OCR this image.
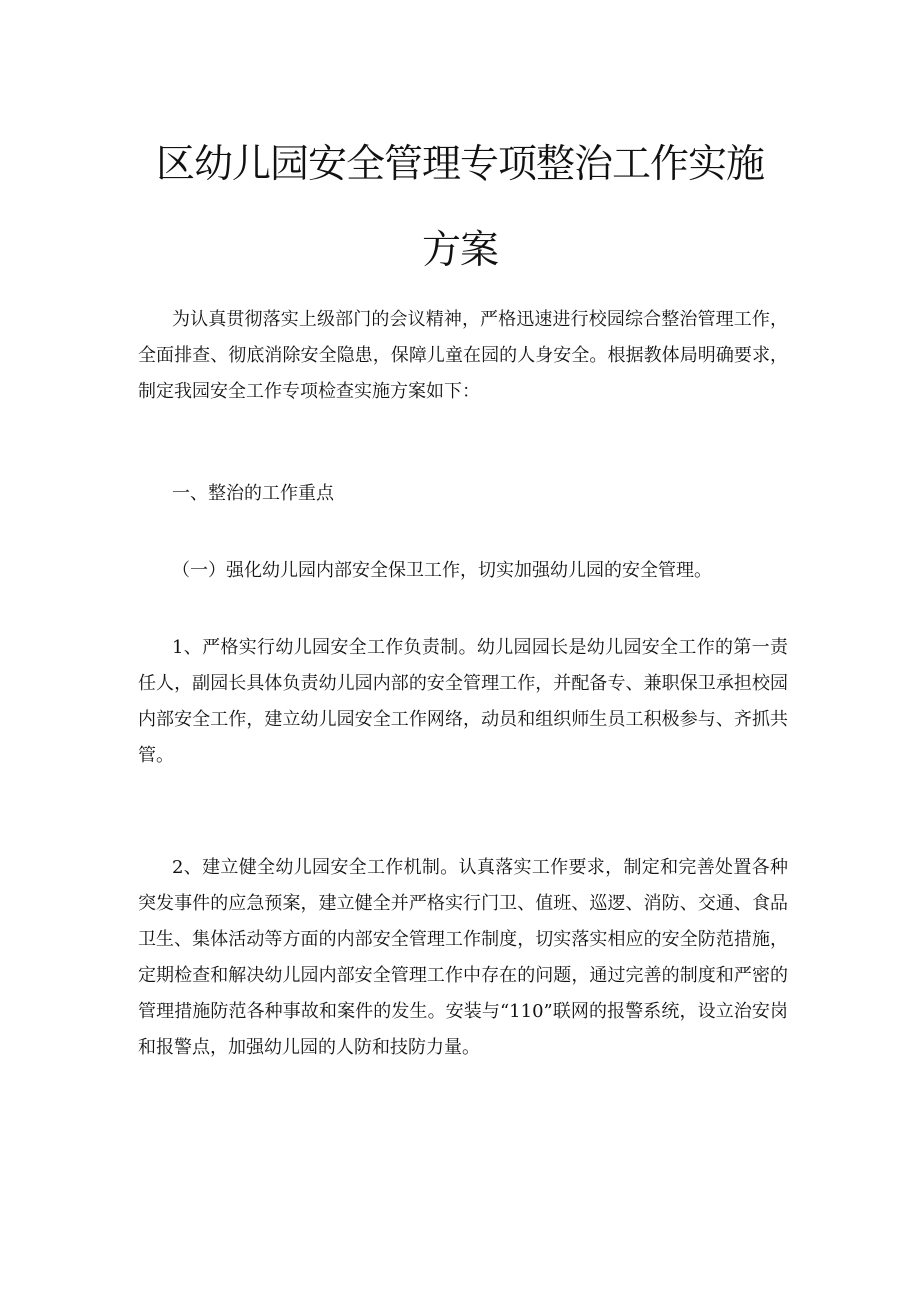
区幼儿园安全管理专项整治工作实施
方案

为认真贯彻落实上级部门的会议精神，严格迅速进行校园综合整治管理工作，全面排查、彻底消除安全隐患，保障儿童在园的人身安全。根据教体局明确要求，制定我园安全工作专项检查实施方案如下：

一、整治的工作重点

（一）强化幼儿园内部安全保卫工作，切实加强幼儿园的安全管理。

1、严格实行幼儿园安全工作负责制。幼儿园园长是幼儿园安全工作的第一责任人，副园长具体负责幼儿园内部的安全管理工作，并配备专、兼职保卫承担校园内部安全工作，建立幼儿园安全工作网络，动员和组织师生员工积极参与、齐抓共管。

2、建立健全幼儿园安全工作机制。认真落实工作要求，制定和完善处置各种突发事件的应急预案，建立健全并严格实行门卫、值班、巡逻、消防、交通、食品卫生、集体活动等方面的内部安全管理工作制度，切实落实相应的安全防范措施，定期检查和解决幼儿园内部安全管理工作中存在的问题，通过完善的制度和严密的管理措施防范各种事故和案件的发生。安装与“110”联网的报警系统，设立治安岗和报警点，加强幼儿园的人防和技防力量。
